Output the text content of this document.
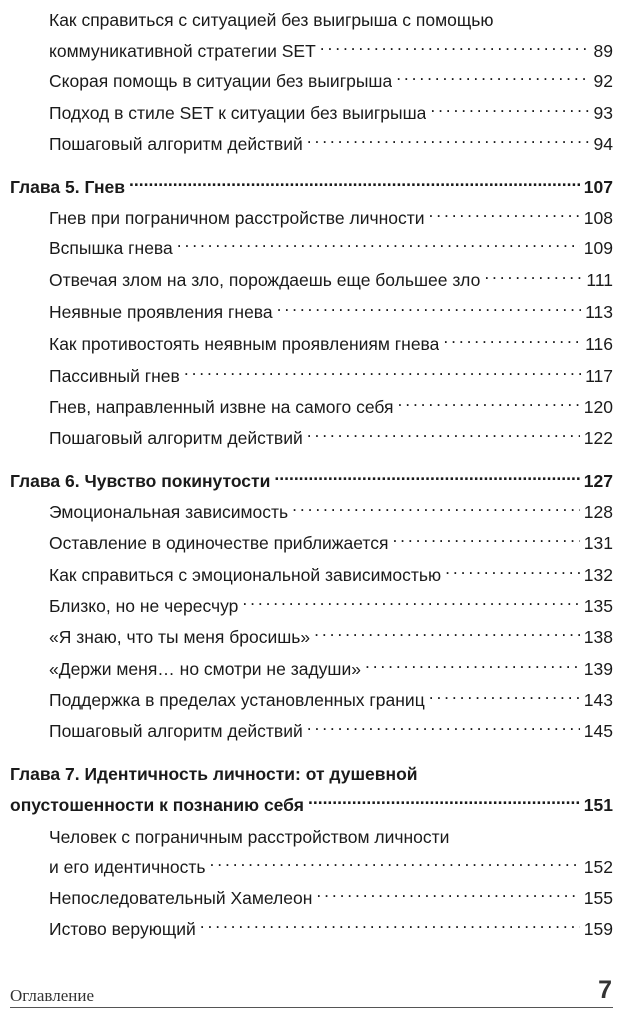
Как справиться с ситуацией без выигрыша с помощью
коммуникативной стратегии SET . . .	89
Скорая помощь в ситуации без выигрыша . . .	92
Подход в стиле SET к ситуации без выигрыша . . .	93
Пошаговый алгоритм действий . . .	94
Глава 5. Гнев .....	107
Гнев при пограничном расстройстве личности . . .	108
Вспышка гнева . . .	109
Отвечая злом на зло, порождаешь еще большее зло . . .	111
Неявные проявления гнева . . .	113
Как противостоять неявным проявлениям гнева . . .	116
Пассивный гнев . . .	117
Гнев, направленный извне на самого себя . . .	120
Пошаговый алгоритм действий . . .	122
Глава 6. Чувство покинутости .....	127
Эмоциональная зависимость . . .	128
Оставление в одиночестве приближается . . .	131
Как справиться с эмоциональной зависимостью . . .	132
Близко, но не чересчур . . .	135
«Я знаю, что ты меня бросишь» . . .	138
«Держи меня… но смотри не задуши» . . .	139
Поддержка в пределах установленных границ . . .	143
Пошаговый алгоритм действий . . .	145
Глава 7. Идентичность личности: от душевной
опустошенности к познанию себя .....	151
Человек с пограничным расстройством личности
и его идентичность . . .	152
Непоследовательный Хамелеон . . .	155
Истово верующий . . .	159
Оглавление	7
